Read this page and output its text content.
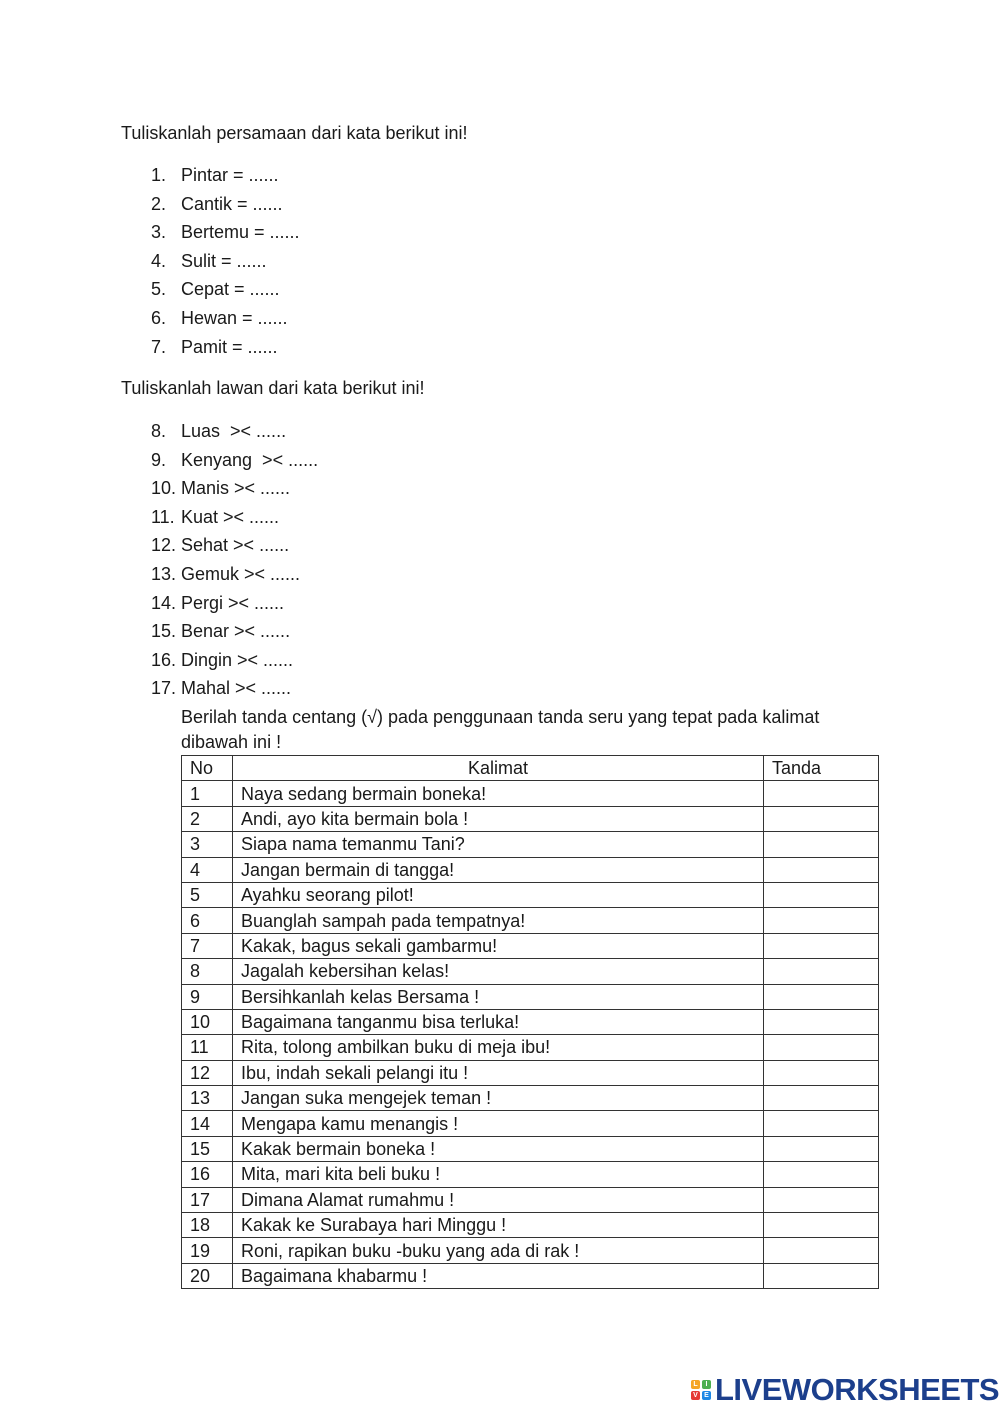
Tuliskanlah persamaan dari kata berikut ini!
1. Pintar = ......
2. Cantik = ......
3. Bertemu = ......
4. Sulit = ......
5. Cepat = ......
6. Hewan = ......
7. Pamit = ......
Tuliskanlah lawan dari kata berikut ini!
8. Luas  >< ......
9. Kenyang  >< ......
10. Manis >< ......
11. Kuat >< ......
12. Sehat >< ......
13. Gemuk >< ......
14. Pergi >< ......
15. Benar >< ......
16. Dingin >< ......
17. Mahal >< ......
Berilah tanda centang (√) pada penggunaan tanda seru yang tepat pada kalimat dibawah ini !
No	Kalimat	Tanda
1	Naya sedang bermain boneka!	
2	Andi, ayo kita bermain bola !	
3	Siapa nama temanmu Tani?	
4	Jangan bermain di tangga!	
5	Ayahku seorang pilot!	
6	Buanglah sampah pada tempatnya!	
7	Kakak, bagus sekali gambarmu!	
8	Jagalah kebersihan kelas!	
9	Bersihkanlah kelas Bersama !	
10	Bagaimana tanganmu bisa terluka!	
11	Rita, tolong ambilkan buku di meja ibu!	
12	Ibu, indah sekali pelangi itu !	
13	Jangan suka mengejek teman !	
14	Mengapa kamu menangis !	
15	Kakak bermain boneka !	
16	Mita, mari kita beli buku !	
17	Dimana Alamat rumahmu !	
18	Kakak ke Surabaya hari Minggu !	
19	Roni, rapikan buku -buku yang ada di rak !	
20	Bagaimana khabarmu !	
L	I
V E LIVEWORKSHEETS
